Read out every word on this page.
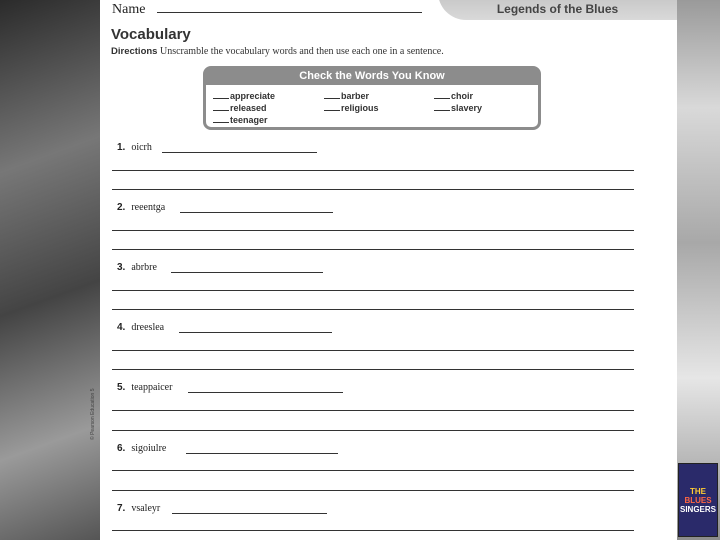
Name	Legends of the Blues
Vocabulary
Directions Unscramble the vocabulary words and then use each one in a sentence.
Check the Words You Know
appreciate	barber	choir
released	religious	slavery
teenager
1. oicrh
2. reeentga
3. abrbre
4. dreeslea
5. teappaicer
6. sigoiulre
7. vsaleyr
© Pearson Education 5
THE
BLUES
SINGERS
